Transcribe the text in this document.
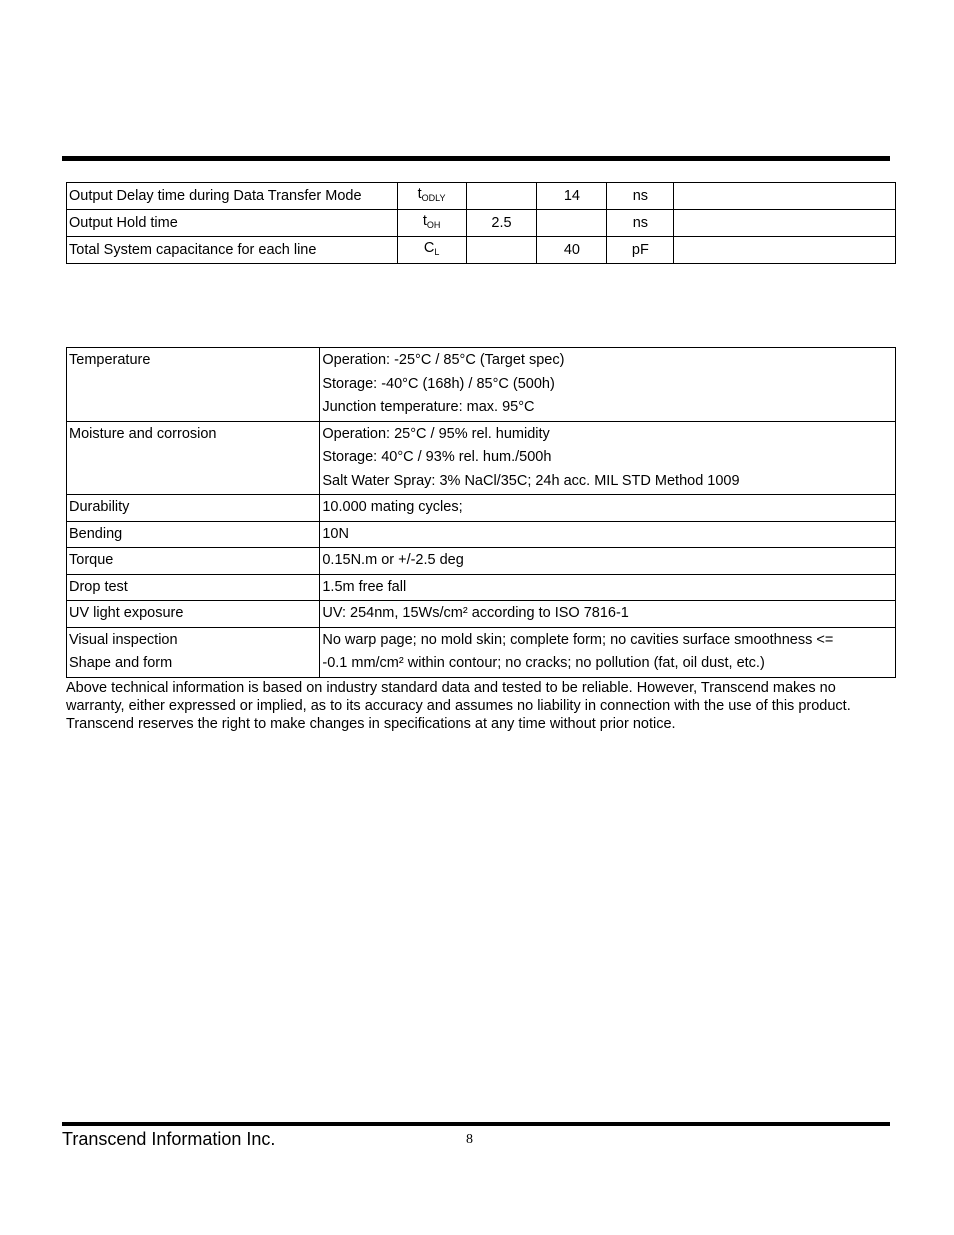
Output Delay time during Data Transfer Mode	$t_{ODLY}$		14	ns	
Output Hold time	$t_{OH}$	2.5		ns	
Total System capacitance for each line	$C_L$		40	pF	
Temperature	Operation: -25°C / 85°C (Target spec)
Storage: -40°C (168h) / 85°C (500h)
Junction temperature: max. 95°C

Moisture and corrosion	Operation: 25°C / 95% rel. humidity
Storage: 40°C / 93% rel. hum./500h
Salt Water Spray: 3% NaCl/35C; 24h acc. MIL STD Method 1009

Durability	10.000 mating cycles;

Bending	10N

Torque	0.15N.m or +/-2.5 deg

Drop test	1.5m free fall

UV light exposure	UV: 254nm, 15Ws/cm² according to ISO 7816-1

Visual inspection
Shape and form	No warp page; no mold skin; complete form; no cavities surface smoothness <=
-0.1 mm/cm² within contour; no cracks; no pollution (fat, oil dust, etc.)

Above technical information is based on industry standard data and tested to be reliable. However, Transcend makes no

warranty, either expressed or implied, as to its accuracy and assumes no liability in connection with the use of this product.

Transcend reserves the right to make changes in specifications at any time without prior notice.

Transcend Information Inc.	8
